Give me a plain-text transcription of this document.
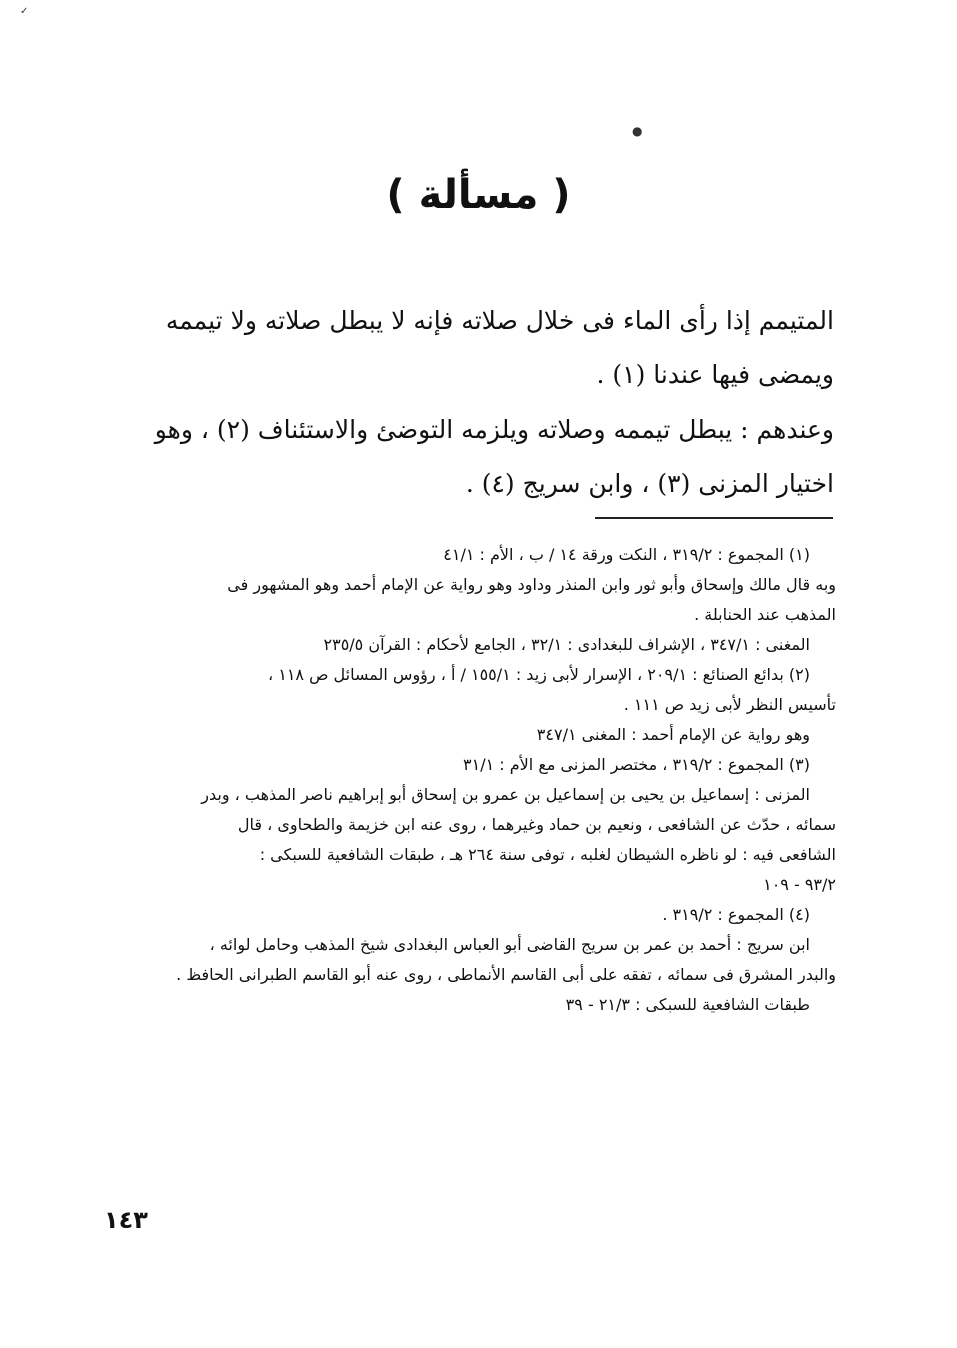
✓
●
( مسألة )
المتيمم إذا رأى الماء فى خلال صلاته فإنه لا يبطل صلاته ولا تيممه
ويمضى فيها عندنا (١) .
وعندهم : يبطل تيممه وصلاته ويلزمه التوضئ والاستئناف (٢) ، وهو
اختيار المزنى (٣) ، وابن سريج (٤) .
(١) المجموع : ٣١٩/٢ ، النكت ورقة ١٤ / ب ، الأم : ٤١/١
وبه قال مالك وإسحاق وأبو ثور وابن المنذر وداود وهو رواية عن الإمام أحمد وهو المشهور فى
المذهب عند الحنابلة .
المغنى : ٣٤٧/١ ، الإشراف للبغدادى : ٣٢/١ ، الجامع لأحكام : القرآن ٢٣٥/٥
(٢) بدائع الصنائع : ٢٠٩/١ ، الإسرار لأبى زيد : ١٥٥/١ / أ ، رؤوس المسائل ص ١١٨ ،
تأسيس النظر لأبى زيد ص ١١١ .
وهو رواية عن الإمام أحمد : المغنى ٣٤٧/١
(٣) المجموع : ٣١٩/٢ ، مختصر المزنى مع الأم : ٣١/١
المزنى : إسماعيل بن يحيى بن إسماعيل بن عمرو بن إسحاق أبو إبراهيم ناصر المذهب ، وبدر
سمائه ، حدّث عن الشافعى ، ونعيم بن حماد وغيرهما ، روى عنه ابن خزيمة والطحاوى ، قال
الشافعى فيه : لو ناظره الشيطان لغلبه ، توفى سنة ٢٦٤ هـ ، طبقات الشافعية للسبكى :
٩٣/٢ - ١٠٩
(٤) المجموع : ٣١٩/٢ .
ابن سريج : أحمد بن عمر بن سريج القاضى أبو العباس البغدادى شيخ المذهب وحامل لوائه ،
والبدر المشرق فى سمائه ، تفقه على أبى القاسم الأنماطى ، روى عنه أبو القاسم الطبرانى الحافظ .
طبقات الشافعية للسبكى : ٢١/٣ - ٣٩
١٤٣
